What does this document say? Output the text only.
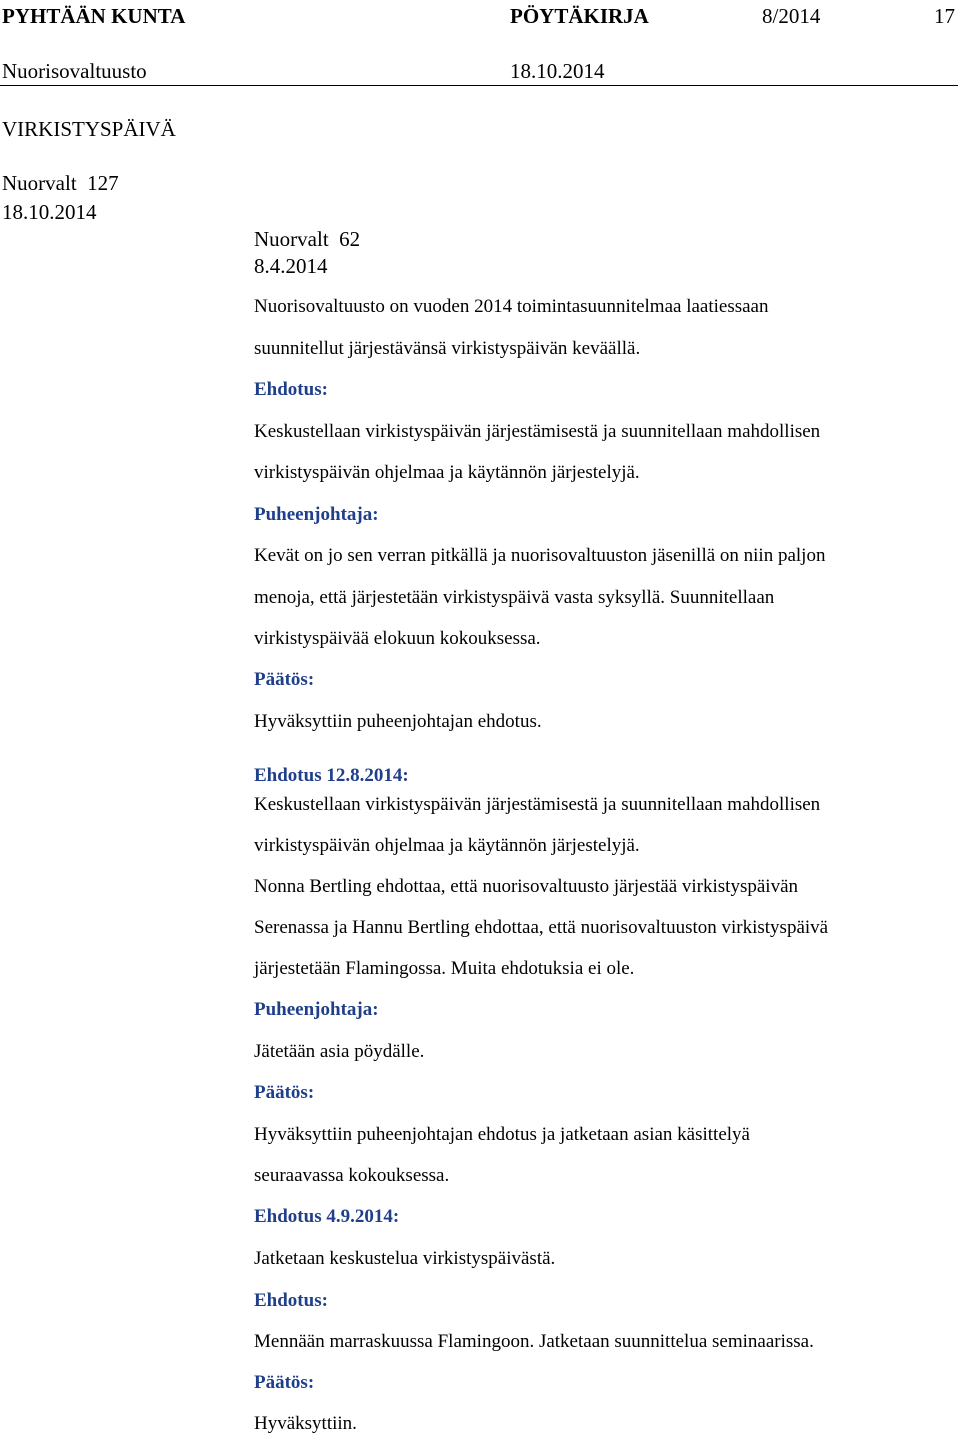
PYHTÄÄN KUNTA	PÖYTÄKIRJA	8/2014	17
Nuorisovaltuusto	18.10.2014
VIRKISTYSPÄIVÄ
Nuorvalt  127
18.10.2014
Nuorvalt  62
8.4.2014
Nuorisovaltuusto on vuoden 2014 toimintasuunnitelmaa laatiessaan
suunnitellut järjestävänsä virkistyspäivän keväällä.
Ehdotus:
Keskustellaan virkistyspäivän järjestämisestä ja suunnitellaan mahdollisen
virkistyspäivän ohjelmaa ja käytännön järjestelyjä.
Puheenjohtaja:
Kevät on jo sen verran pitkällä ja nuorisovaltuuston jäsenillä on niin paljon
menoja, että järjestetään virkistyspäivä vasta syksyllä. Suunnitellaan
virkistyspäivää elokuun kokouksessa.
Päätös:
Hyväksyttiin puheenjohtajan ehdotus.
Ehdotus 12.8.2014:
Keskustellaan virkistyspäivän järjestämisestä ja suunnitellaan mahdollisen
virkistyspäivän ohjelmaa ja käytännön järjestelyjä.
Nonna Bertling ehdottaa, että nuorisovaltuusto järjestää virkistyspäivän
Serenassa ja Hannu Bertling ehdottaa, että nuorisovaltuuston virkistyspäivä
järjestetään Flamingossa. Muita ehdotuksia ei ole.
Puheenjohtaja:
Jätetään asia pöydälle.
Päätös:
Hyväksyttiin puheenjohtajan ehdotus ja jatketaan asian käsittelyä
seuraavassa kokouksessa.
Ehdotus 4.9.2014:
Jatketaan keskustelua virkistyspäivästä.
Ehdotus:
Mennään marraskuussa Flamingoon. Jatketaan suunnittelua seminaarissa.
Päätös:
Hyväksyttiin.
